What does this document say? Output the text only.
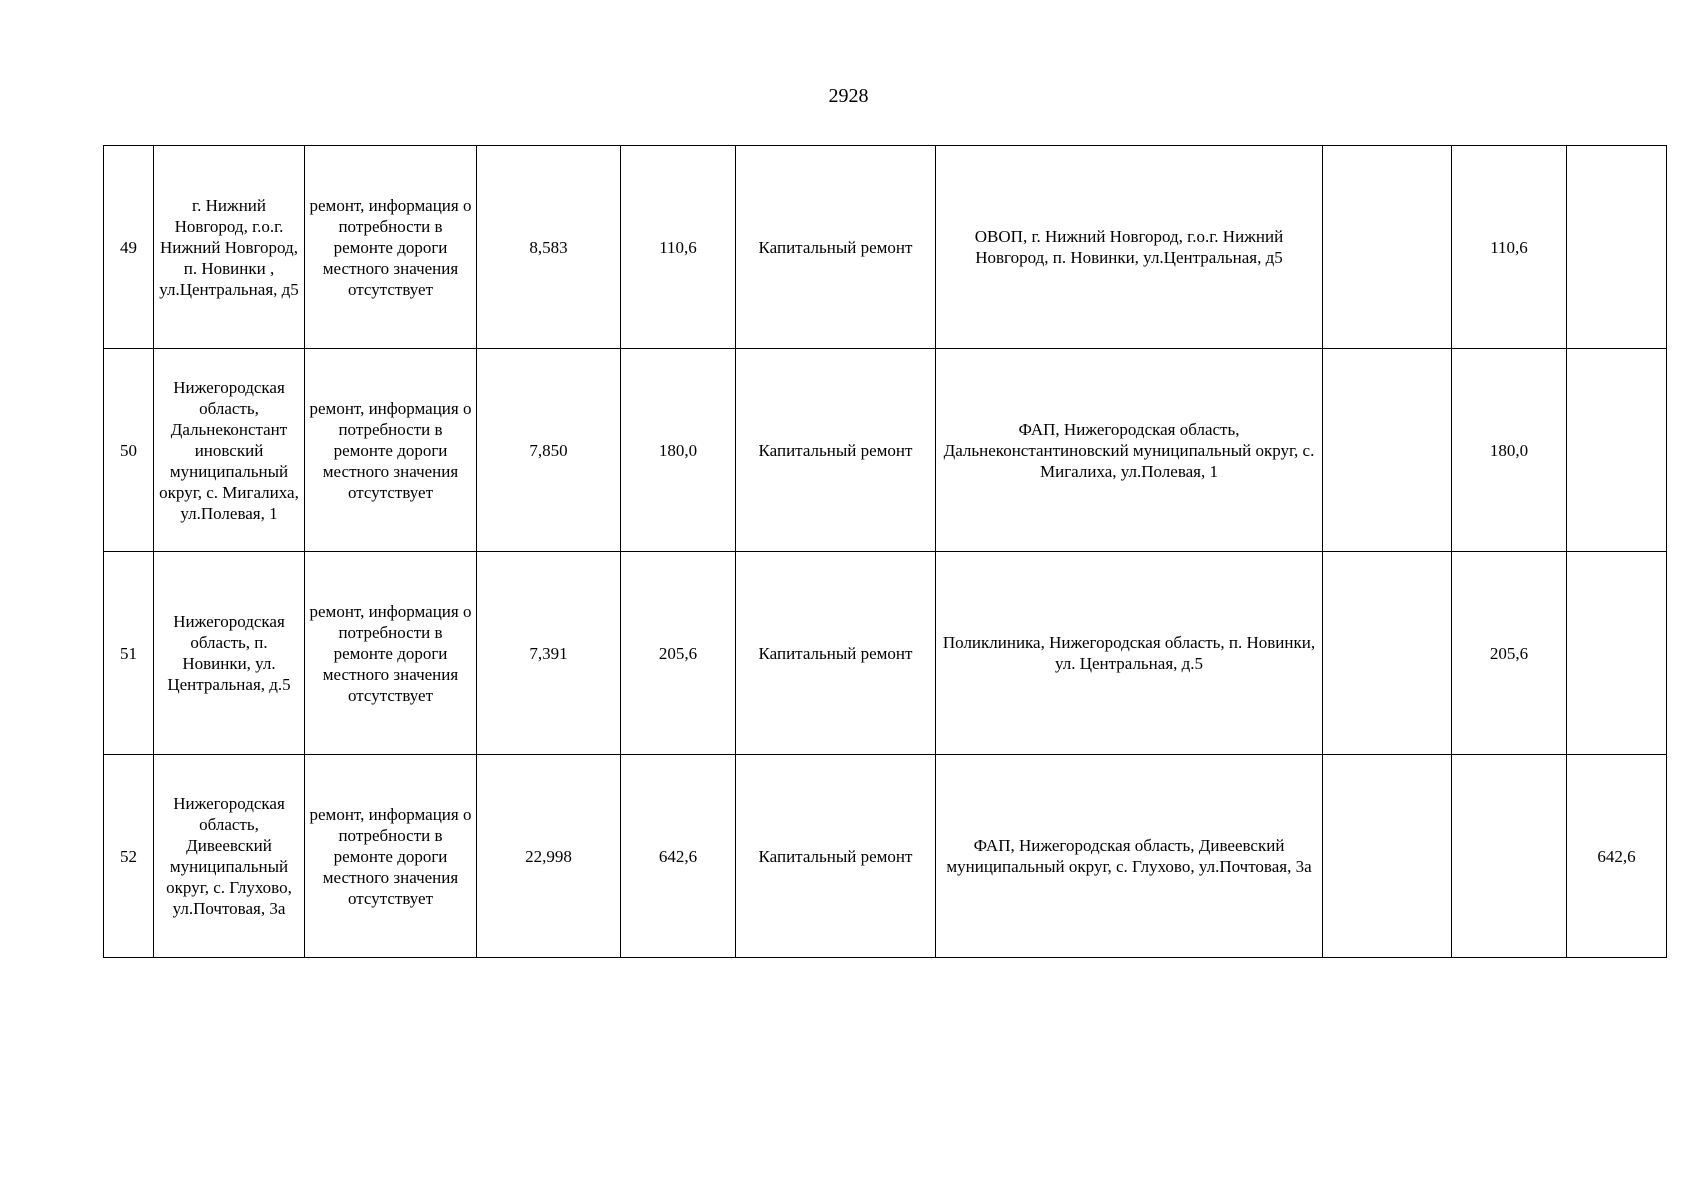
2928
49	г. Нижний Новгород, г.о.г. Нижний Новгород, п. Новинки , ул.Центральная, д5	ремонт, информация о потребности в ремонте дороги местного значения отсутствует	8,583	110,6	Капитальный ремонт	ОВОП, г. Нижний Новгород, г.о.г. Нижний Новгород, п. Новинки, ул.Центральная, д5		110,6	
50	Нижегородская область, Дальнеконстант иновский муниципальный округ, с. Мигалиха, ул.Полевая, 1	ремонт, информация о потребности в ремонте дороги местного значения отсутствует	7,850	180,0	Капитальный ремонт	ФАП, Нижегородская область, Дальнеконстантиновский муниципальный округ, с. Мигалиха, ул.Полевая, 1		180,0	
51	Нижегородская область, п. Новинки, ул. Центральная, д.5	ремонт, информация о потребности в ремонте дороги местного значения отсутствует	7,391	205,6	Капитальный ремонт	Поликлиника, Нижегородская область, п. Новинки, ул. Центральная, д.5		205,6	
52	Нижегородская область, Дивеевский муниципальный округ, с. Глухово, ул.Почтовая, 3а	ремонт, информация о потребности в ремонте дороги местного значения отсутствует	22,998	642,6	Капитальный ремонт	ФАП, Нижегородская область, Дивеевский муниципальный округ, с. Глухово, ул.Почтовая, 3а			642,6
